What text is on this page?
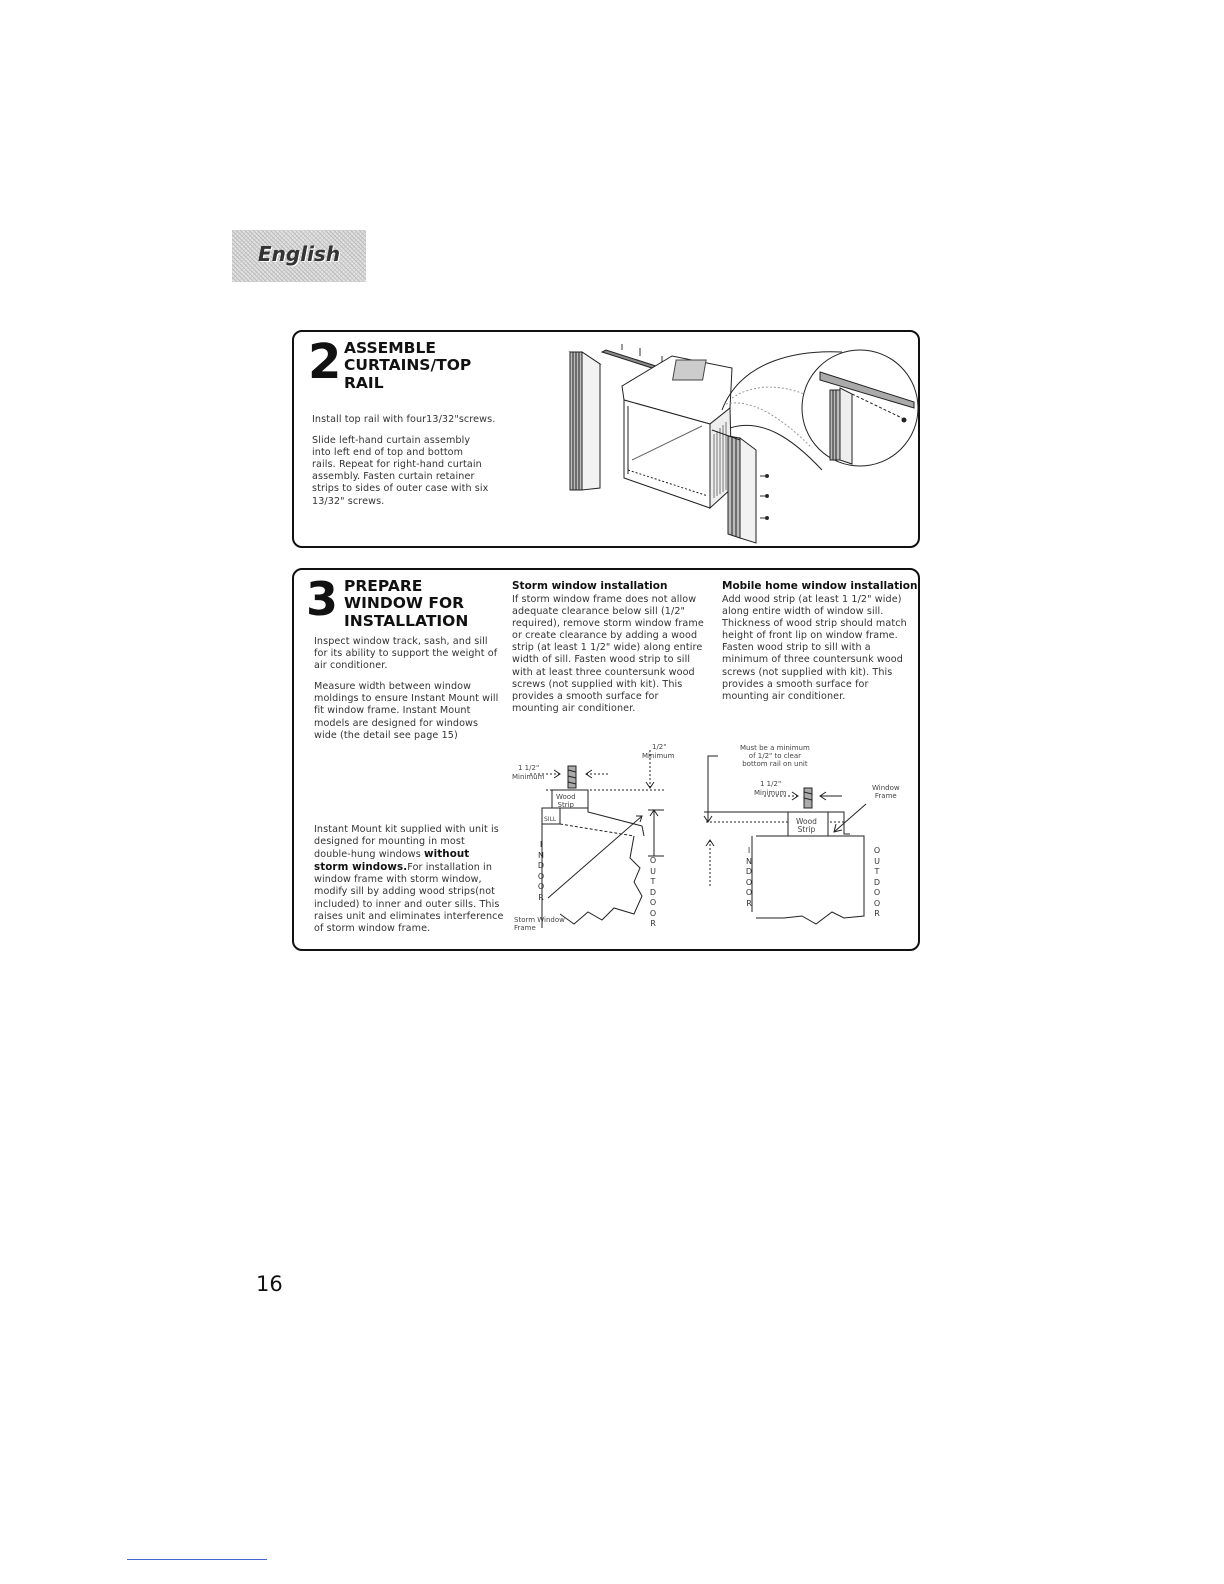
English
2 ASSEMBLE
CURTAINS/TOP
RAIL

Install top rail with four13/32"screws.

Slide left-hand curtain assembly into left end of top and bottom rails. Repeat for right-hand curtain assembly. Fasten curtain retainer strips to sides of outer case with six 13/32" screws.

3 PREPARE
WINDOW FOR
INSTALLATION

Inspect window track, sash, and sill for its ability to support the weight of air conditioner.

Measure width between window moldings to ensure Instant Mount will fit window frame. Instant Mount models are designed for windows wide (the detail see page 15)

Instant Mount kit supplied with unit is designed for mounting in most double-hung windows without storm windows.For installation in window frame with storm window, modify sill by adding wood strips(not included) to inner and outer sills. This raises unit and eliminates interference of storm window frame.
Storm window installation
If storm window frame does not allow adequate clearance below sill (1/2" required), remove storm window frame or create clearance by adding a wood strip (at least 1 1/2" wide) along entire width of sill. Fasten wood strip to sill with at least three countersunk wood screws (not supplied with kit). This provides a smooth surface for mounting air conditioner.
Mobile home window installation
Add wood strip (at least 1 1/2" wide) along entire width of window sill. Thickness of wood strip should match height of front lip on window frame. Fasten wood strip to sill with a minimum of three countersunk wood screws (not supplied with kit). This provides a smooth surface for mounting air conditioner.
1 1/2"
Minimum
1/2"
Minimum
Wood
Strip
SILL
I
N
D
O
O
R
O
U
T
D
O
O
R
Storm Window
Frame
Must be a minimum
of 1/2" to clear
bottom rail on unit
1 1/2"
Minimum
Window
Frame
Wood
Strip
I
N
D
O
O
R
O
U
T
D
O
O
R
16
